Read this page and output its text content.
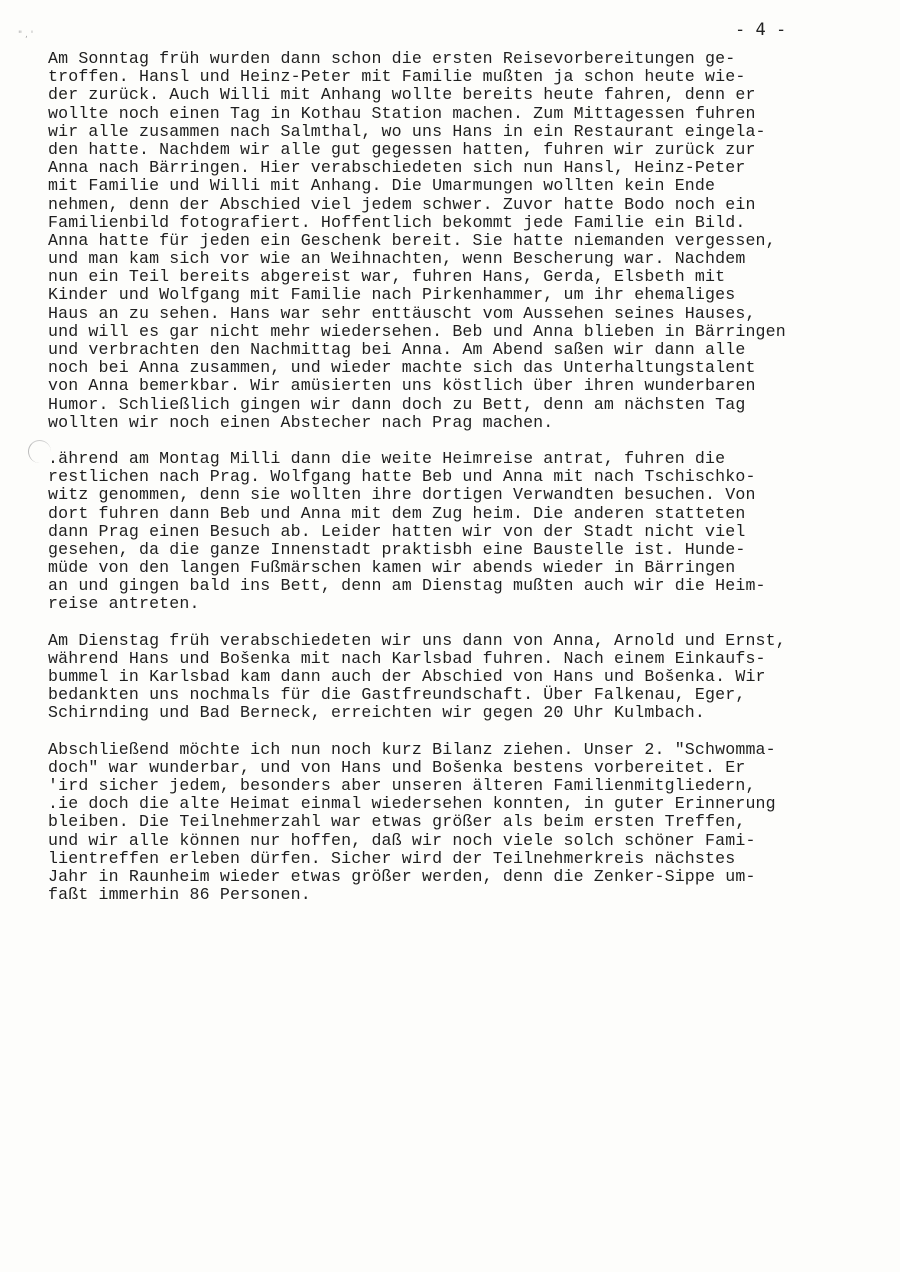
" , '	- 4 -
Am Sonntag früh wurden dann schon die ersten Reisevorbereitungen ge-
troffen. Hansl und Heinz-Peter mit Familie mußten ja schon heute wie-
der zurück. Auch Willi mit Anhang wollte bereits heute fahren, denn er
wollte noch einen Tag in Kothau Station machen. Zum Mittagessen fuhren
wir alle zusammen nach Salmthal, wo uns Hans in ein Restaurant eingela-
den hatte. Nachdem wir alle gut gegessen hatten, fuhren wir zurück zur
Anna nach Bärringen. Hier verabschiedeten sich nun Hansl, Heinz-Peter
mit Familie und Willi mit Anhang. Die Umarmungen wollten kein Ende
nehmen, denn der Abschied viel jedem schwer. Zuvor hatte Bodo noch ein
Familienbild fotografiert. Hoffentlich bekommt jede Familie ein Bild.
Anna hatte für jeden ein Geschenk bereit. Sie hatte niemanden vergessen,
und man kam sich vor wie an Weihnachten, wenn Bescherung war. Nachdem
nun ein Teil bereits abgereist war, fuhren Hans, Gerda, Elsbeth mit
Kinder und Wolfgang mit Familie nach Pirkenhammer, um ihr ehemaliges
Haus an zu sehen. Hans war sehr enttäuscht vom Aussehen seines Hauses,
und will es gar nicht mehr wiedersehen. Beb und Anna blieben in Bärringen
und verbrachten den Nachmittag bei Anna. Am Abend saßen wir dann alle
noch bei Anna zusammen, und wieder machte sich das Unterhaltungstalent
von Anna bemerkbar. Wir amüsierten uns köstlich über ihren wunderbaren
Humor. Schließlich gingen wir dann doch zu Bett, denn am nächsten Tag
wollten wir noch einen Abstecher nach Prag machen.
.ährend am Montag Milli dann die weite Heimreise antrat, fuhren die
restlichen nach Prag. Wolfgang hatte Beb und Anna mit nach Tschischko-
witz genommen, denn sie wollten ihre dortigen Verwandten besuchen. Von
dort fuhren dann Beb und Anna mit dem Zug heim. Die anderen statteten
dann Prag einen Besuch ab. Leider hatten wir von der Stadt nicht viel
gesehen, da die ganze Innenstadt praktisbh eine Baustelle ist. Hunde-
müde von den langen Fußmärschen kamen wir abends wieder in Bärringen
an und gingen bald ins Bett, denn am Dienstag mußten auch wir die Heim-
reise antreten.
Am Dienstag früh verabschiedeten wir uns dann von Anna, Arnold und Ernst,
während Hans und Bošenka mit nach Karlsbad fuhren. Nach einem Einkaufs-
bummel in Karlsbad kam dann auch der Abschied von Hans und Bošenka. Wir
bedankten uns nochmals für die Gastfreundschaft. Über Falkenau, Eger,
Schirnding und Bad Berneck, erreichten wir gegen 20 Uhr Kulmbach.
Abschließend möchte ich nun noch kurz Bilanz ziehen. Unser 2. "Schwomma-
doch" war wunderbar, und von Hans und Bošenka bestens vorbereitet. Er
'ird sicher jedem, besonders aber unseren älteren Familienmitgliedern,
.ie doch die alte Heimat einmal wiedersehen konnten, in guter Erinnerung
bleiben. Die Teilnehmerzahl war etwas größer als beim ersten Treffen,
und wir alle können nur hoffen, daß wir noch viele solch schöner Fami-
lientreffen erleben dürfen. Sicher wird der Teilnehmerkreis nächstes
Jahr in Raunheim wieder etwas größer werden, denn die Zenker-Sippe um-
faßt immerhin 86 Personen.
